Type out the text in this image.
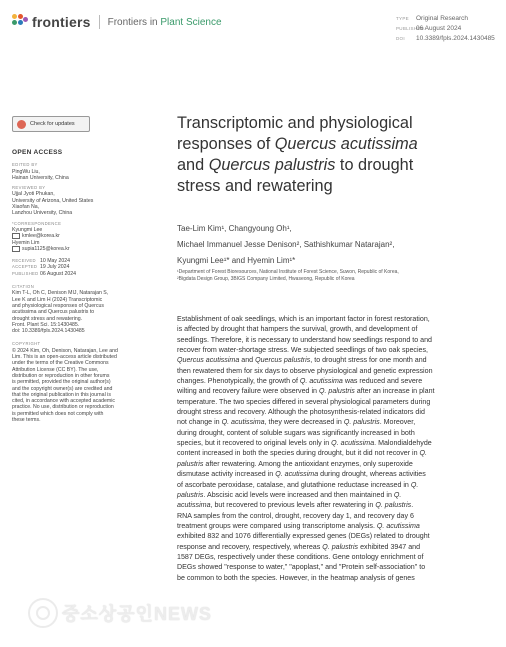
frontiers Frontiers in Plant Science	TYPE Original Research
PUBLISHED06 August 2024
DOI 10.3389/fpls.2024.1430485
Check for updates
OPEN ACCESS
EDITED BY
PingWu Liu,
Hainan University, China
REVIEWED BY
Ujjal Jyoti Phukan,
University of Arizona, United States
Xiaofan Na,
Lanzhou University, China
*CORRESPONDENCE
Kyungmi Lee
kmlee@korea.kr
Hyemin Lim
supia1125@korea.kr
RECEIVED 10 May 2024
ACCEPTED 19 July 2024
PUBLISHED 06 August 2024
CITATION
Kim T-L, Oh C, Denison MIJ, Natarajan S,
Lee K and Lim H (2024) Transcriptomic
and physiological responses of Quercus
acutissima and Quercus palustris to
drought stress and rewatering.
Front. Plant Sci. 15:1430485.
doi: 10.3389/fpls.2024.1430485
COPYRIGHT
© 2024 Kim, Oh, Denison, Natarajan, Lee and
Lim. This is an open-access article distributed
under the terms of the Creative Commons
Attribution License (CC BY). The use,
distribution or reproduction in other forums
is permitted, provided the original author(s)
and the copyright owner(s) are credited and
that the original publication in this journal is
cited, in accordance with accepted academic
practice. No use, distribution or reproduction
is permitted which does not comply with
these terms.
Transcriptomic and physiological
responses of Quercus acutissima
and Quercus palustris to drought
stress and rewatering
Tae-Lim Kim¹, Changyoung Oh¹,
Michael Immanuel Jesse Denison², Sathishkumar Natarajan²,
Kyungmi Lee¹* and Hyemin Lim¹*
¹Department of Forest Bioresources, National Institute of Forest Science, Suwon, Republic of Korea,
²Bigdata Design Group, 3BIGS Company Limited, Hwaseong, Republic of Korea
Establishment of oak seedlings, which is an important factor in forest restoration,
is affected by drought that hampers the survival, growth, and development of
seedlings. Therefore, it is necessary to understand how seedlings respond to and
recover from water-shortage stress. We subjected seedlings of two oak species,
Quercus acutissima and Quercus palustris, to drought stress for one month and
then rewatered them for six days to observe physiological and genetic expression
changes. Phenotypically, the growth of Q. acutissima was reduced and severe
wilting and recovery failure were observed in Q. palustris after an increase in plant
temperature. The two species differed in several physiological parameters during
drought stress and recovery. Although the photosynthesis-related indicators did
not change in Q. acutissima, they were decreased in Q. palustris. Moreover,
during drought, content of soluble sugars was significantly increased in both
species, but it recovered to original levels only in Q. acutissima. Malondialdehyde
content increased in both the species during drought, but it did not recover in Q.
palustris after rewatering. Among the antioxidant enzymes, only superoxide
dismutase activity increased in Q. acutissima during drought, whereas activities
of ascorbate peroxidase, catalase, and glutathione reductase increased in Q.
palustris. Abscisic acid levels were increased and then maintained in Q.
acutissima, but recovered to previous levels after rewatering in Q. palustris.
RNA samples from the control, drought, recovery day 1, and recovery day 6
treatment groups were compared using transcriptome analysis. Q. acutissima
exhibited 832 and 1076 differentially expressed genes (DEGs) related to drought
response and recovery, respectively, whereas Q. palustris exhibited 3947 and
1587 DEGs, respectively under these conditions. Gene ontology enrichment of
DEGs showed "response to water," "apoplast," and "Protein self-association" to
be common to both the species. However, in the heatmap analysis of genes
중소상공인NEWS
